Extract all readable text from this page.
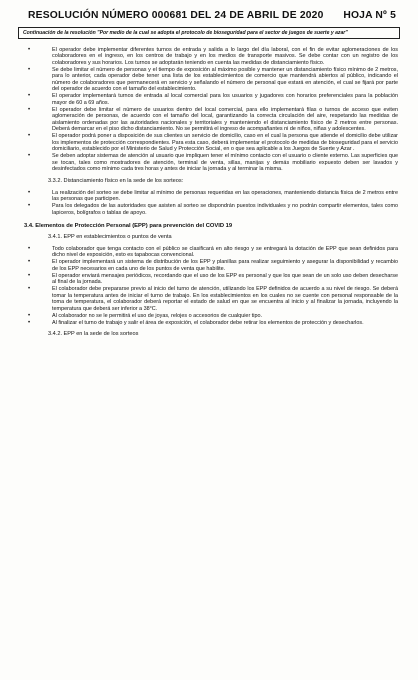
RESOLUCIÓN NÚMERO 000681 DEL 24 DE ABRIL DE 2020 HOJA Nº 5
Continuación de la resolución "Por medio de la cual se adopta el protocolo de bioseguridad para el sector de juegos de suerte y azar"
•	El operador debe implementar diferentes turnos de entrada y salida a lo largo del día laboral, con el fin de evitar aglomeraciones de los colaboradores en el ingreso, en los centros de trabajo y en los medios de transporte masivos. Se debe contar con un registro de los colaboradores y sus horarios. Los turnos se adoptarán teniendo en cuenta las medidas de distanciamiento físico.
•	Se debe limitar el número de personas y el tiempo de exposición al máximo posible y mantener un distanciamiento físico mínimo de 2 metros, para lo anterior, cada operador debe tener una lista de los establecimientos de comercio que mantendrá abiertos al público, indicando el número de colaboradores que permanecerá en servicio y señalando el número de personal que estará en atención, el cual se fijará por parte del operador de acuerdo con el tamaño del establecimiento.
•	El operador implementará turnos de entrada al local comercial para los usuarios y jugadores con horarios preferenciales para la población mayor de 60 a 69 años.
•	El operador debe limitar el número de usuarios dentro del local comercial, para ello implementará filas o turnos de acceso que eviten aglomeración de personas, de acuerdo con el tamaño del local, garantizando la correcta circulación del aire, respetando las medidas de aislamiento ordenadas por las autoridades nacionales y territoriales y manteniendo el distanciamiento físico de 2 metros entre personas. Deberá demarcar en el piso dicho distanciamiento. No se permitirá el ingreso de acompañantes ni de niños, niñas y adolescentes.
•	El operador podrá poner a disposición de sus clientes un servicio de domicilio, caso en el cual la persona que atiende el domicilio debe utilizar los implementos de protección correspondientes. Para esta caso, deberá implementar el protocolo de medidas de bioseguridad para el servicio domiciliario, establecido por el Ministerio de Salud y Protección Social, en o que sea aplicable a los Juegos de Suerte y Azar .
•	Se deben adoptar sistemas de atención al usuario que impliquen tener el mínimo contacto con el usuario o cliente externo. Las superficies que se tocan, tales como mostradores de atención, terminal de venta, sillas, manijas y demás mobiliario expuesto deben ser lavados y desinfectados como mínimo cada tres horas y antes de iniciar la jornada y al terminar la misma.
3.3.2. Distanciamiento físico en la sede de los sorteos:
•	La realización del sorteo se debe limitar al mínimo de personas requeridas en las operaciones, manteniendo distancia física de 2 metros entre las personas que participen.
•	Para los delegados de las autoridades que asisten al sorteo se dispondrán puestos individuales y no podrán compartir elementos, tales como lapiceros, bolígrafos o tablas de apoyo.
3.4. Elementos de Protección Personal (EPP) para prevención del COVID 19
3.4.1. EPP en establecimientos o puntos de venta
•	Todo colaborador que tenga contacto con el público se clasificará en alto riesgo y se entregará la dotación de EPP que sean definidos para dicho nivel de exposición, esto es tapabocas convencional.
•	El operador implementará un sistema de distribución de los EPP y planillas para realizar seguimiento y asegurar la disponibilidad y recambio de los EPP necesarios en cada uno de los puntos de venta que habilite.
•	El operador enviará mensajes periódicos, recordando que el uso de los EPP es personal y que los que sean de un solo uso deben desecharse al final de la jornada.
•	El colaborador debe prepararse previo al inicio del turno de atención, utilizando los EPP definidos de acuerdo a su nivel de riesgo. Se deberá tomar la temperatura antes de iniciar el turno de trabajo. En los establecimientos en los cuales no se cuente con personal responsable de la toma de temperatura, el colaborador deberá reportar el estado de salud en que se encuentra al inicio y al finalizar la jornada, incluyendo la temperatura que deberá ser inferior a 38°C.
•	Al colaborador no se le permitirá el uso de joyas, relojes o accesorios de cualquier tipo.
•	Al finalizar el turno de trabajo y salir el área de exposición, el colaborador debe retirar los elementos de protección y desecharlos.
3.4.2. EPP en la sede de los sorteos
